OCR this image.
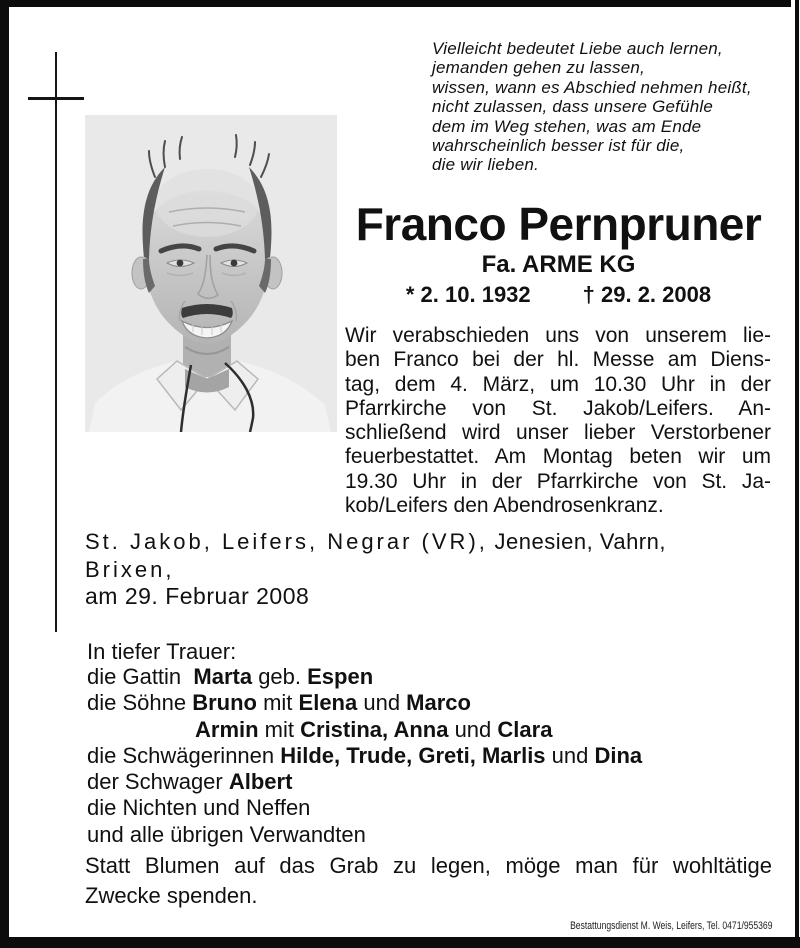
Vielleicht bedeutet Liebe auch lernen,
jemanden gehen zu lassen,
wissen, wann es Abschied nehmen heißt,
nicht zulassen, dass unsere Gefühle
dem im Weg stehen, was am Ende
wahrscheinlich besser ist für die,
die wir lieben.
Franco Pernpruner
Fa. ARME KG
* 2. 10. 1932 † 29. 2. 2008
Wir verabschieden uns von unserem lie-
ben Franco bei der hl. Messe am Diens-
tag, dem 4. März, um 10.30 Uhr in der
Pfarrkirche von St. Jakob/Leifers. An-
schließend wird unser lieber Verstorbener
feuerbestattet. Am Montag beten wir um
19.30 Uhr in der Pfarrkirche von St. Ja-
kob/Leifers den Abendrosenkranz.
St. Jakob, Leifers, Negrar (VR), Jenesien, Vahrn,
Brixen,
am 29. Februar 2008
In tiefer Trauer:
die Gattin  Marta geb. Espen
die Söhne Bruno mit Elena und Marco
Armin mit Cristina, Anna und Clara
die Schwägerinnen Hilde, Trude, Greti, Marlis und Dina
der Schwager Albert
die Nichten und Neffen
und alle übrigen Verwandten
Statt Blumen auf das Grab zu legen, möge man für wohltätige
Zwecke spenden.
Bestattungsdienst M. Weis, Leifers, Tel. 0471/955369
